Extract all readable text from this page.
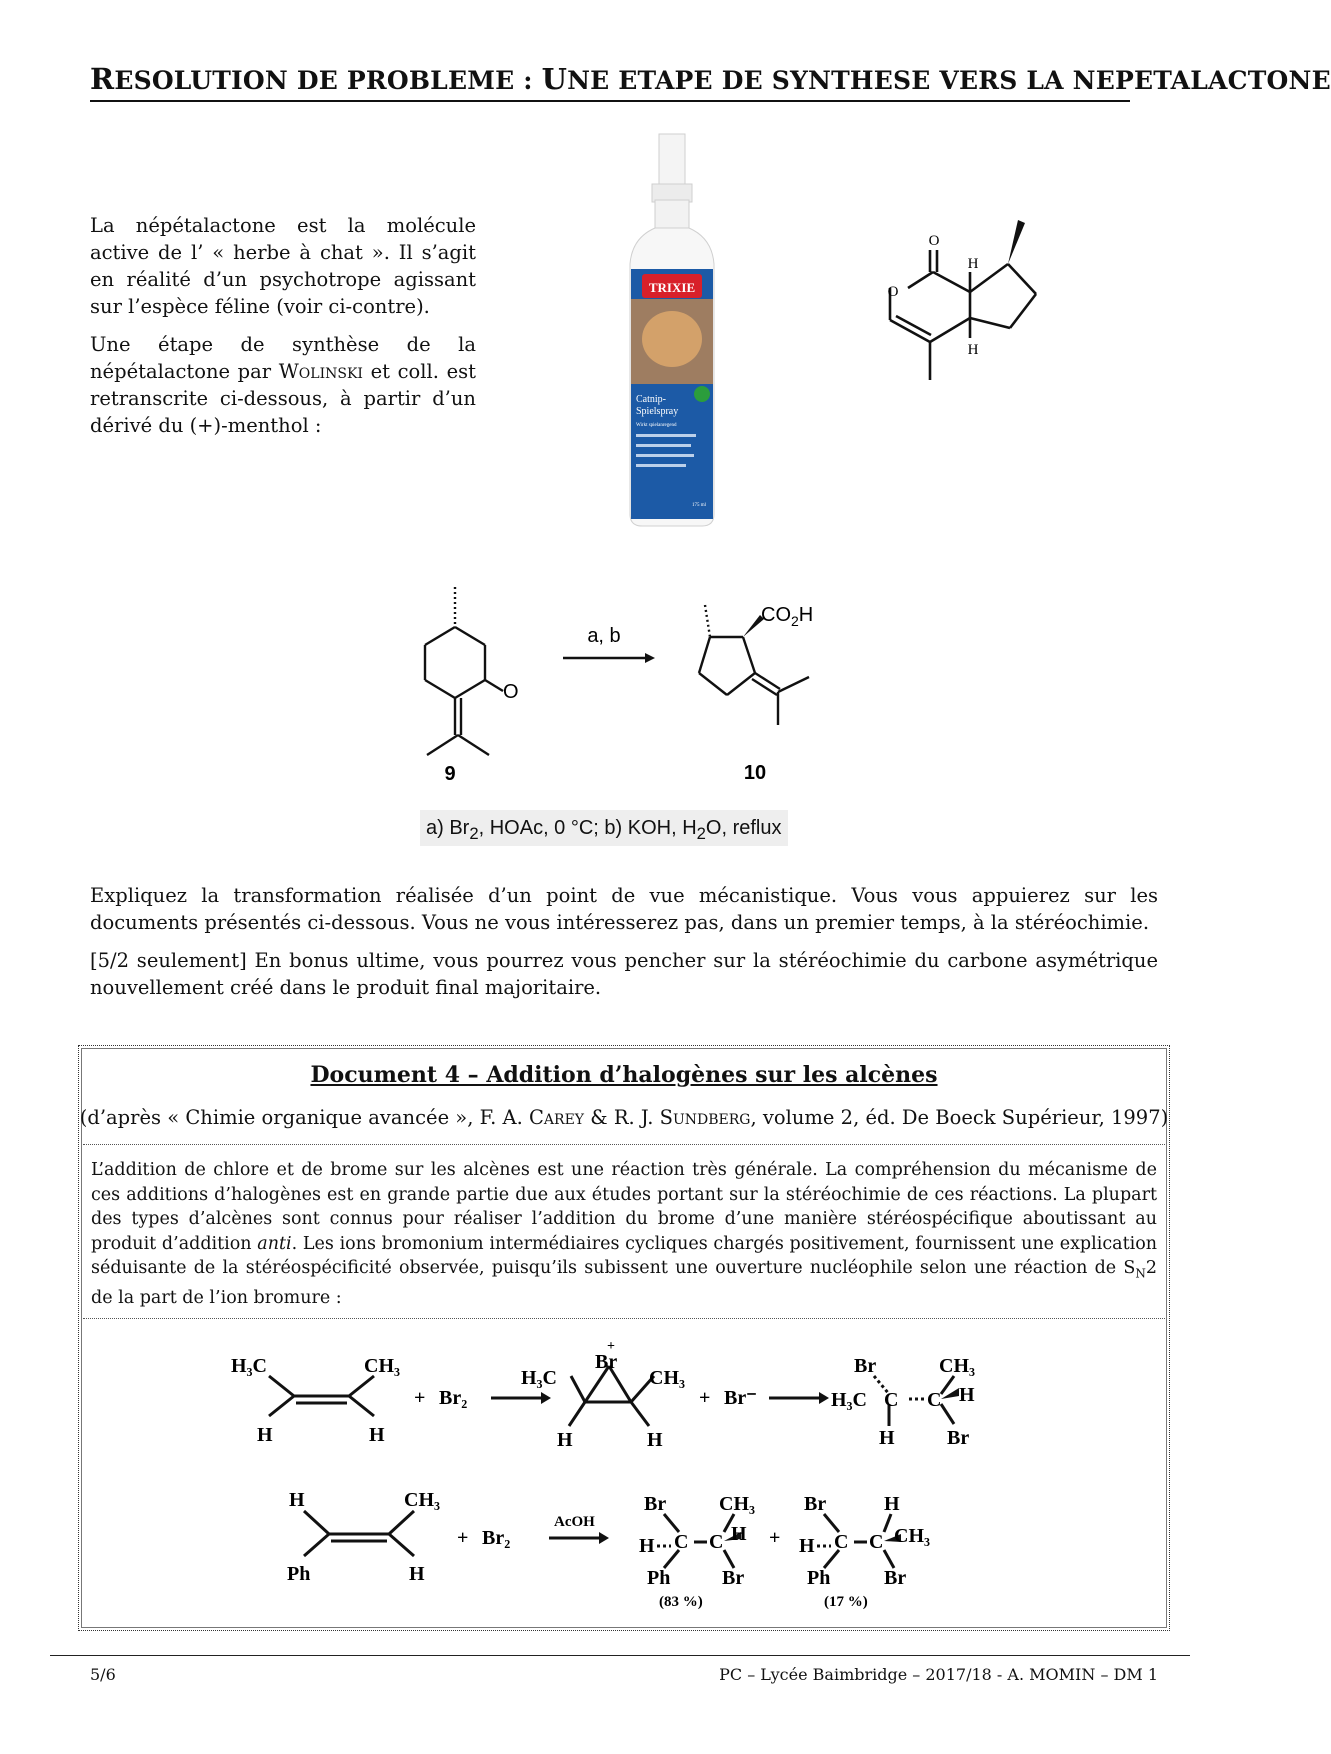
RESOLUTION DE PROBLEME : UNE ETAPE DE SYNTHESE VERS LA NEPETALACTONE

La népétalactone est la molécule active de l’ « herbe à chat ». Il s’agit en réalité d’un psychotrope agissant sur l’espèce féline (voir ci-contre).

Une étape de synthèse de la népétalactone par Wolinski et coll. est retranscrite ci-dessous, à partir d’un dérivé du (+)-menthol :

TRIXIE
Catnip-
Spielspray
Wirkt spielanregend
175 ml
O
O
H
H
O
a, b
$CO_2H$
9	10
a) $Br_2$, HOAc, 0 °C; b) KOH, $H_2O$, reflux

Expliquez la transformation réalisée d’un point de vue mécanistique. Vous vous appuierez sur les documents présentés ci-dessous. Vous ne vous intéresserez pas, dans un premier temps, à la stéréochimie.

[5/2 seulement] En bonus ultime, vous pourrez vous pencher sur la stéréochimie du carbone asymétrique nouvellement créé dans le produit final majoritaire.

Document 4 – Addition d’halogènes sur les alcènes
(d’après « Chimie organique avancée », F. A. Carey & R. J. Sundberg, volume 2, éd. De Boeck Supérieur, 1997)
L’addition de chlore et de brome sur les alcènes est une réaction très générale. La compréhension du mécanisme de ces additions d’halogènes est en grande partie due aux études portant sur la stéréochimie de ces réactions. La plupart des types d’alcènes sont connus pour réaliser l’addition du brome d’une manière stéréospécifique aboutissant au produit d’addition anti. Les ions bromonium intermédiaires cycliques chargés positivement, fournissent une explication séduisante de la stéréospécificité observée, puisqu’ils subissent une ouverture nucléophile selon une réaction de $S_N2$ de la part de l’ion bromure :
H₃C	CH₃
H	H
+ Br₂
H₃C
Br
+
CH₃
H	H
+ Br⁻
Br
H₃C C C
CH₃
H
H	Br
H	CH₃
Ph	H
+ Br₂
AcOH
Br
H C C
CH₃
H
Ph	Br
(83 %)
+
Br
H C C
H
CH₃
Ph	Br
(17 %)
5/6	PC – Lycée Baimbridge – 2017/18 - A. MOMIN – DM 1
